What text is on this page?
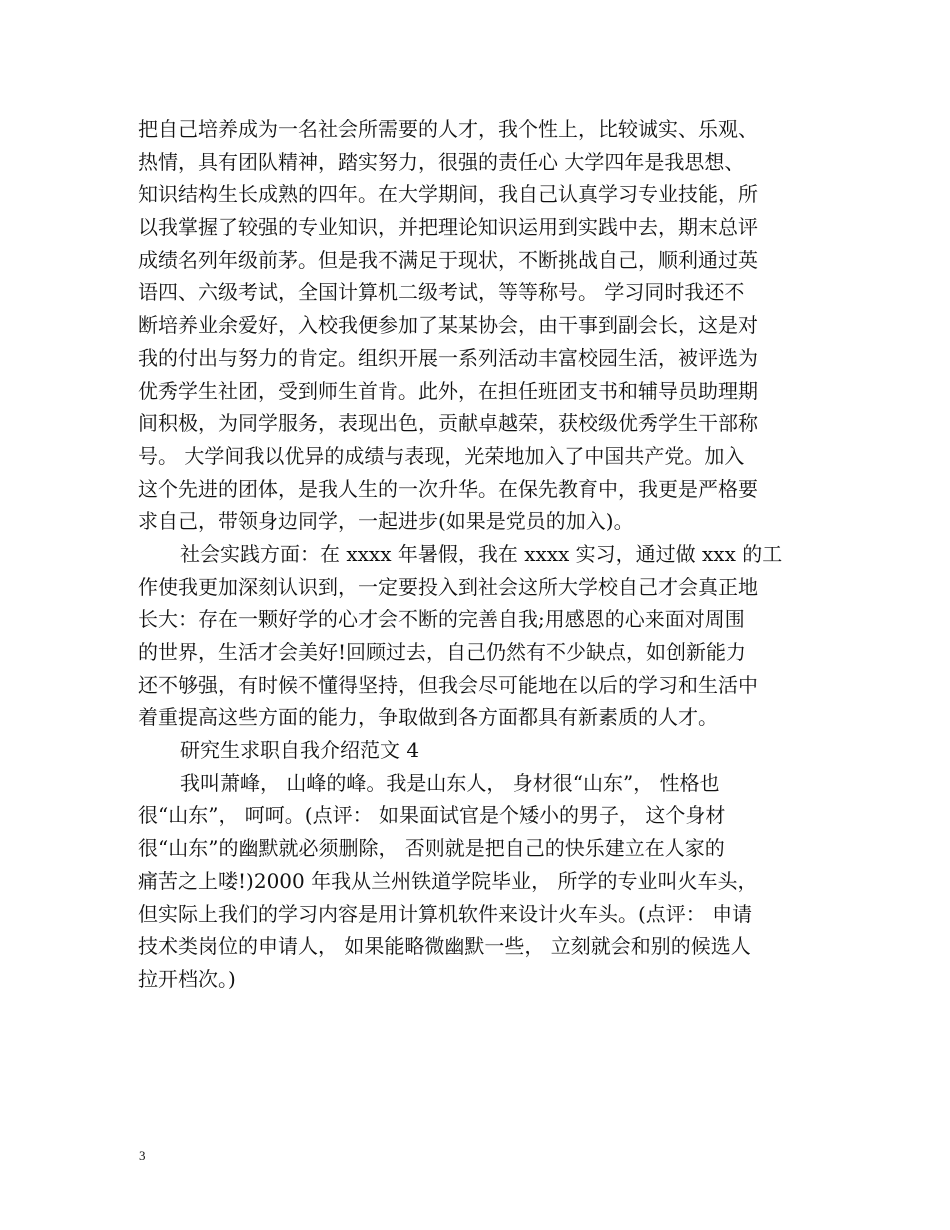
把自己培养成为一名社会所需要的人才，我个性上，比较诚实、乐观、
热情，具有团队精神，踏实努力，很强的责任心 大学四年是我思想、
知识结构生长成熟的四年。在大学期间，我自己认真学习专业技能，所
以我掌握了较强的专业知识，并把理论知识运用到实践中去，期末总评
成绩名列年级前茅。但是我不满足于现状，不断挑战自己，顺利通过英
语四、六级考试，全国计算机二级考试，等等称号。 学习同时我还不
断培养业余爱好，入校我便参加了某某协会，由干事到副会长，这是对
我的付出与努力的肯定。组织开展一系列活动丰富校园生活，被评选为
优秀学生社团，受到师生首肯。此外，在担任班团支书和辅导员助理期
间积极，为同学服务，表现出色，贡献卓越荣，获校级优秀学生干部称
号。 大学间我以优异的成绩与表现，光荣地加入了中国共产党。加入
这个先进的团体，是我人生的一次升华。在保先教育中，我更是严格要
求自己，带领身边同学，一起进步(如果是党员的加入)。
社会实践方面：在 xxxx 年暑假，我在 xxxx 实习，通过做 xxx 的工
作使我更加深刻认识到，一定要投入到社会这所大学校自己才会真正地
长大：存在一颗好学的心才会不断的完善自我;用感恩的心来面对周围
的世界，生活才会美好!回顾过去，自己仍然有不少缺点，如创新能力
还不够强，有时候不懂得坚持，但我会尽可能地在以后的学习和生活中
着重提高这些方面的能力，争取做到各方面都具有新素质的人才。
研究生求职自我介绍范文 4
我叫萧峰， 山峰的峰。我是山东人， 身材很“山东”， 性格也
很“山东”， 呵呵。(点评： 如果面试官是个矮小的男子， 这个身材
很“山东”的幽默就必须删除， 否则就是把自己的快乐建立在人家的
痛苦之上喽!)2000 年我从兰州铁道学院毕业， 所学的专业叫火车头，
但实际上我们的学习内容是用计算机软件来设计火车头。(点评： 申请
技术类岗位的申请人， 如果能略微幽默一些， 立刻就会和别的候选人
拉开档次。)
3
